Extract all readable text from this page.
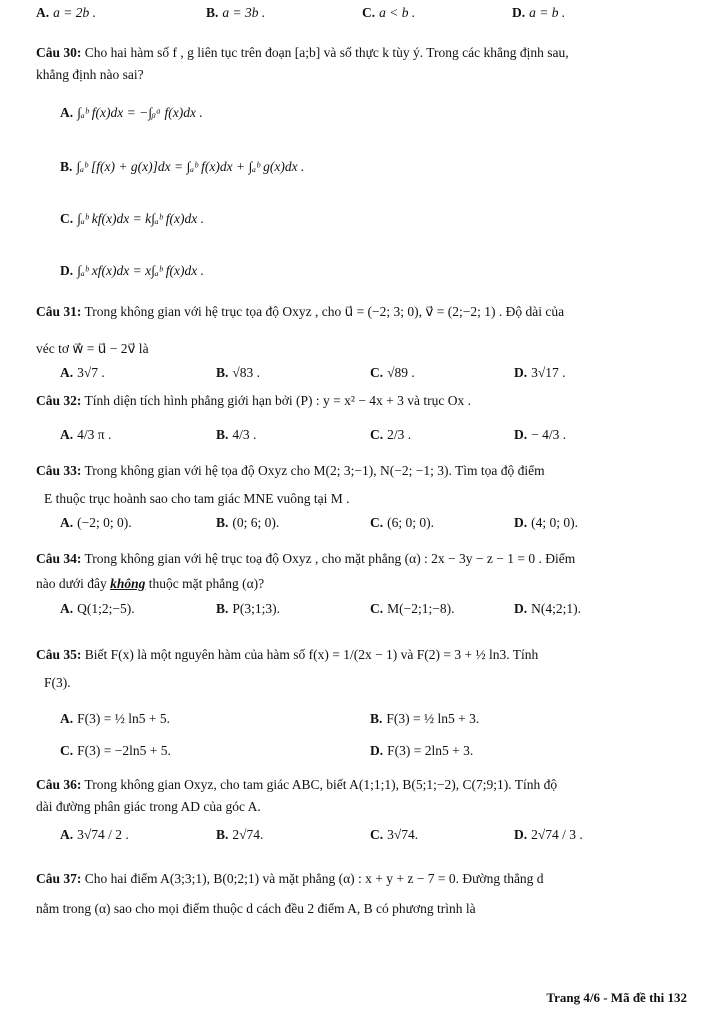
A. a = 2b .	B. a = 3b .	C. a < b .	D. a = b .
Câu 30: Cho hai hàm số f , g liên tục trên đoạn [a;b] và số thực k tùy ý. Trong các khẳng định sau,
khẳng định nào sai?
A. ∫ₐᵇ f(x)dx = −∫ᵦᵃ f(x)dx .
B. ∫ₐᵇ [f(x) + g(x)]dx = ∫ₐᵇ f(x)dx + ∫ₐᵇ g(x)dx .
C. ∫ₐᵇ kf(x)dx = k∫ₐᵇ f(x)dx .
D. ∫ₐᵇ xf(x)dx = x∫ₐᵇ f(x)dx .
Câu 31: Trong không gian với hệ trục tọa độ Oxyz , cho u⃗ = (−2; 3; 0), v⃗ = (2;−2; 1) . Độ dài của
véc tơ w⃗ = u⃗ − 2v⃗ là
A. 3√7 .	B. √83 .	C. √89 .	D. 3√17 .
Câu 32: Tính diện tích hình phẳng giới hạn bởi (P) : y = x² − 4x + 3 và trục Ox .
A. 4/3 π .	B. 4/3 .	C. 2/3 .	D. − 4/3 .
Câu 33: Trong không gian với hệ tọa độ Oxyz cho M(2; 3;−1), N(−2; −1; 3). Tìm tọa độ điểm
E thuộc trục hoành sao cho tam giác MNE vuông tại M .
A. (−2; 0; 0).	B. (0; 6; 0).	C. (6; 0; 0).	D. (4; 0; 0).
Câu 34: Trong không gian với hệ trục toạ độ Oxyz , cho mặt phẳng (α) : 2x − 3y − z − 1 = 0 . Điểm
nào dưới đây không thuộc mặt phẳng (α)?
A. Q(1;2;−5).	B. P(3;1;3).	C. M(−2;1;−8).	D. N(4;2;1).
Câu 35: Biết F(x) là một nguyên hàm của hàm số f(x) = 1/(2x − 1) và F(2) = 3 + ½ ln3. Tính
F(3).
A. F(3) = ½ ln5 + 5.	B. F(3) = ½ ln5 + 3.
C. F(3) = −2ln5 + 5.	D. F(3) = 2ln5 + 3.
Câu 36: Trong không gian Oxyz, cho tam giác ABC, biết A(1;1;1), B(5;1;−2), C(7;9;1). Tính độ
dài đường phân giác trong AD của góc A.
A. 3√74 / 2 .	B. 2√74.	C. 3√74.	D. 2√74 / 3 .
Câu 37: Cho hai điểm A(3;3;1), B(0;2;1) và mặt phẳng (α) : x + y + z − 7 = 0. Đường thẳng d
nằm trong (α) sao cho mọi điểm thuộc d cách đều 2 điểm A, B có phương trình là
Trang 4/6 - Mã đề thi 132
